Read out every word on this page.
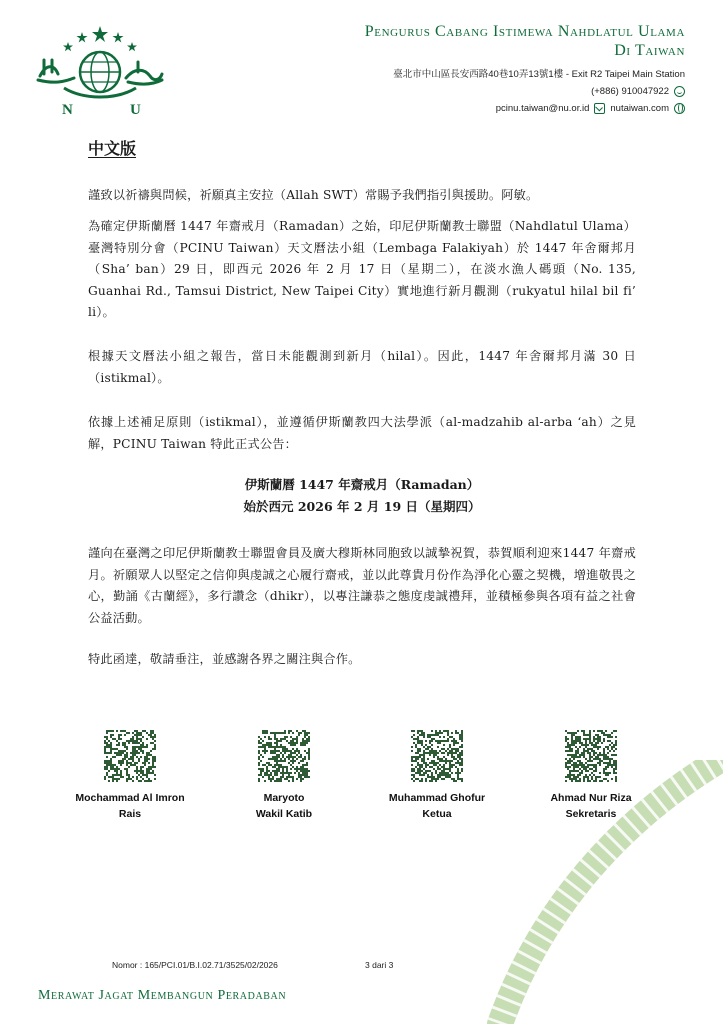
N	U
Pengurus Cabang Istimewa Nahdlatul Ulama
Di Taiwan
臺北市中山區長安西路40巷10弄13號1樓 - Exit R2 Taipei Main Station
(+886) 910047922
pcinu.taiwan@nu.or.id nutaiwan.com
中文版

謹致以祈禱與問候，祈願真主安拉（Allah SWT）常賜予我們指引與援助。阿敏。

為確定伊斯蘭曆 1447 年齋戒月（Ramadan）之始，印尼伊斯蘭教士聯盟（Nahdlatul Ulama）臺灣特別分會（PCINU Taiwan）天文曆法小組（Lembaga Falakiyah）於 1447 年舍爾邦月（Sha’ ban）29 日，即西元 2026 年 2 月 17 日（星期二），在淡水漁人碼頭（No. 135, Guanhai Rd., Tamsui District, New Taipei City）實地進行新月觀測（rukyatul hilal bil fi’ li）。

根據天文曆法小組之報告，當日未能觀測到新月（hilal）。因此，1447 年舍爾邦月滿 30 日（istikmal）。

依據上述補足原則（istikmal），並遵循伊斯蘭教四大法學派（al-madzahib al-arba ‘ah）之見解，PCINU Taiwan 特此正式公告：

伊斯蘭曆 1447 年齋戒月（Ramadan）
始於西元 2026 年 2 月 19 日（星期四）

謹向在臺灣之印尼伊斯蘭教士聯盟會員及廣大穆斯林同胞致以誠摯祝賀，恭賀順利迎來1447 年齋戒月。祈願眾人以堅定之信仰與虔誠之心履行齋戒，並以此尊貴月份作為淨化心靈之契機，增進敬畏之心，勤誦《古蘭經》，多行讚念（dhikr），以專注謙恭之態度虔誠禮拜，並積極參與各項有益之社會公益活動。

特此函達，敬請垂注，並感謝各界之關注與合作。

Mochammad Al Imron
Rais
Maryoto
Wakil Katib
Muhammad Ghofur
Ketua
Ahmad Nur Riza
Sekretaris
Nomor : 165/PCI.01/B.I.02.71/3525/02/2026	3 dari 3
Merawat Jagat Membangun Peradaban
